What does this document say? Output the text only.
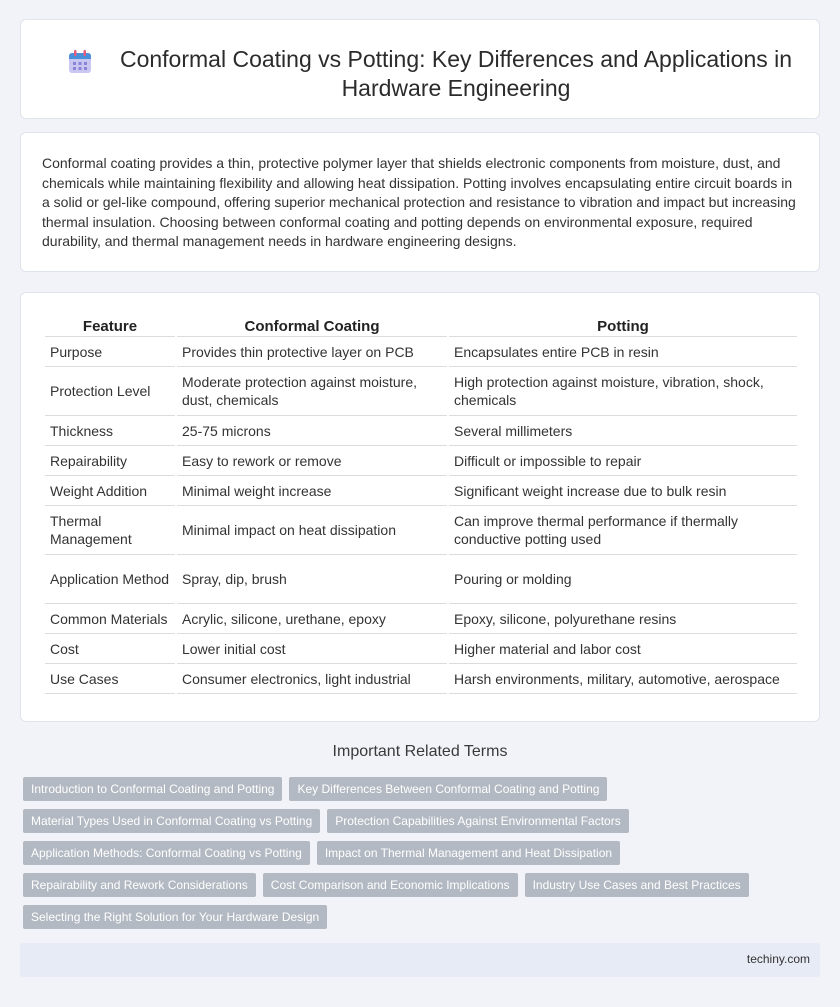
Conformal Coating vs Potting: Key Differences and Applications in Hardware Engineering

Conformal coating provides a thin, protective polymer layer that shields electronic components from moisture, dust, and chemicals while maintaining flexibility and allowing heat dissipation. Potting involves encapsulating entire circuit boards in a solid or gel-like compound, offering superior mechanical protection and resistance to vibration and impact but increasing thermal insulation. Choosing between conformal coating and potting depends on environmental exposure, required durability, and thermal management needs in hardware engineering designs.

Feature	Conformal Coating	Potting
Purpose	Provides thin protective layer on PCB	Encapsulates entire PCB in resin
Protection Level	Moderate protection against moisture, dust, chemicals	High protection against moisture, vibration, shock, chemicals
Thickness	25-75 microns	Several millimeters
Repairability	Easy to rework or remove	Difficult or impossible to repair
Weight Addition	Minimal weight increase	Significant weight increase due to bulk resin
Thermal Management	Minimal impact on heat dissipation	Can improve thermal performance if thermally conductive potting used
Application Method	Spray, dip, brush	Pouring or molding
Common Materials	Acrylic, silicone, urethane, epoxy	Epoxy, silicone, polyurethane resins
Cost	Lower initial cost	Higher material and labor cost
Use Cases	Consumer electronics, light industrial	Harsh environments, military, automotive, aerospace
Important Related Terms
Introduction to Conformal Coating and Potting	Key Differences Between Conformal Coating and Potting
Material Types Used in Conformal Coating vs Potting	Protection Capabilities Against Environmental Factors
Application Methods: Conformal Coating vs Potting	Impact on Thermal Management and Heat Dissipation
Repairability and Rework Considerations	Cost Comparison and Economic Implications	Industry Use Cases and Best Practices
Selecting the Right Solution for Your Hardware Design
techiny.com
